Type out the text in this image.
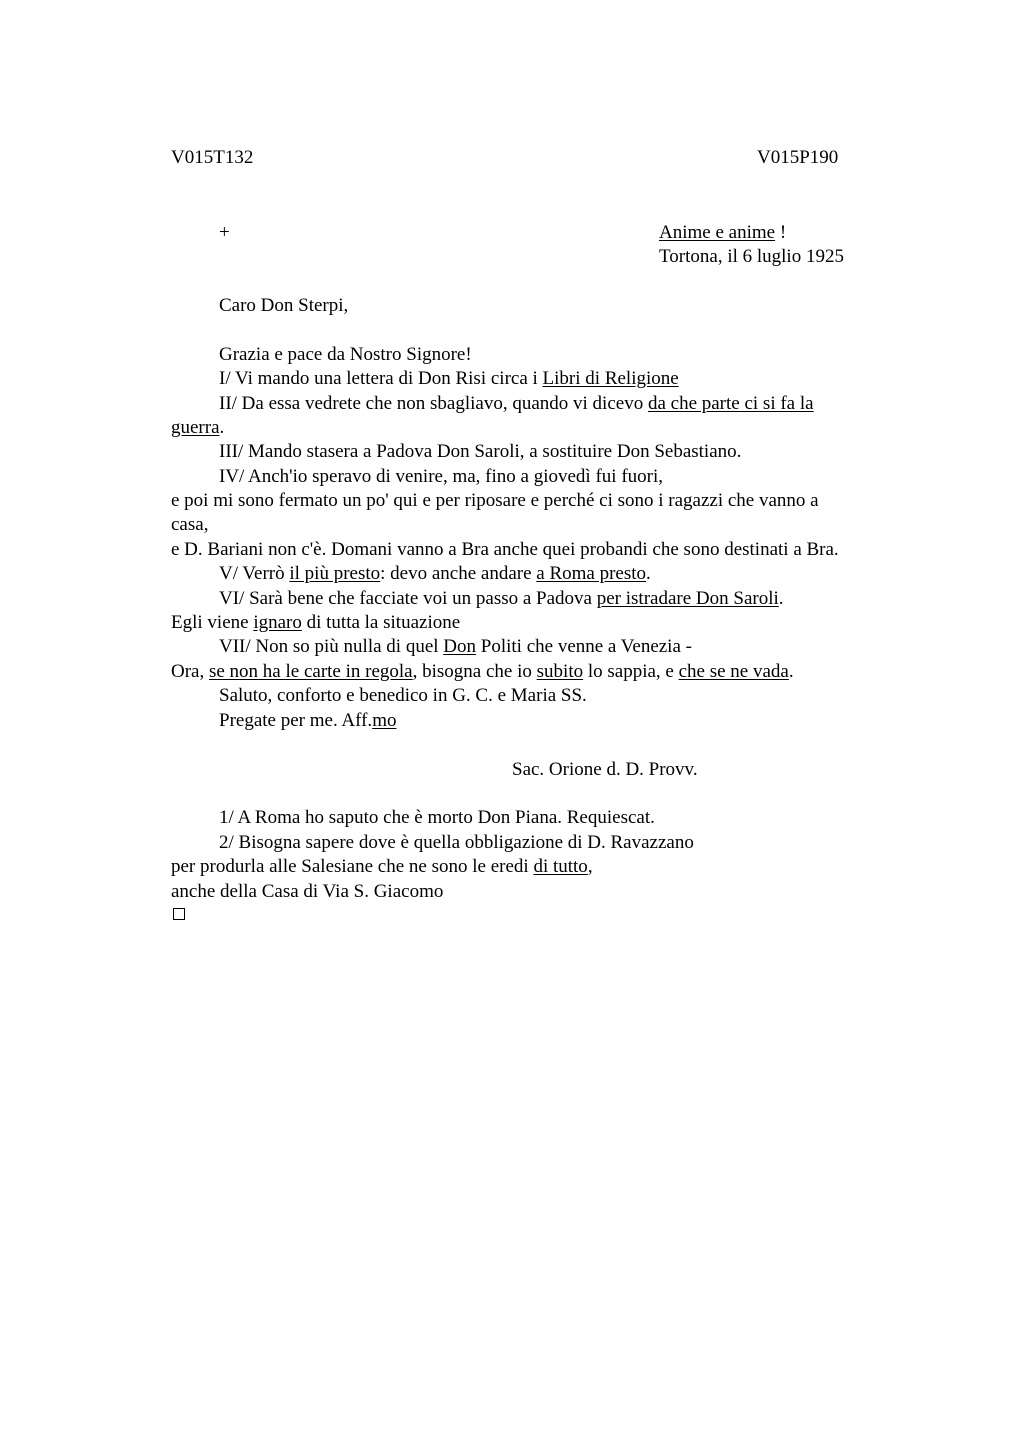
V015T132	V015P190
+	Anime e anime !
Tortona, il 6 luglio 1925
Caro Don Sterpi,
Grazia e pace da Nostro Signore!
I/ Vi mando una lettera di Don Risi circa i Libri di Religione
II/ Da essa vedrete che non sbagliavo, quando vi dicevo da che parte ci si fa la
guerra.
III/ Mando stasera a Padova Don Saroli, a sostituire Don Sebastiano.
IV/ Anch'io speravo di venire, ma, fino a giovedì fui fuori,
e poi mi sono fermato un po' qui e per riposare e perché ci sono i ragazzi che vanno a
casa,
e D. Bariani non c'è. Domani vanno a Bra anche quei probandi che sono destinati a Bra.
V/ Verrò il più presto: devo anche andare a Roma presto.
VI/ Sarà bene che facciate voi un passo a Padova per istradare Don Saroli.
Egli viene ignaro di tutta la situazione
VII/ Non so più nulla di quel Don Politi che venne a Venezia -
Ora, se non ha le carte in regola, bisogna che io subito lo sappia, e che se ne vada.
Saluto, conforto e benedico in G. C. e Maria SS.
Pregate per me. Aff.mo
Sac. Orione d. D. Provv.
1/ A Roma ho saputo che è morto Don Piana. Requiescat.
2/ Bisogna sapere dove è quella obbligazione di D. Ravazzano
per produrla alle Salesiane che ne sono le eredi di tutto,
anche della Casa di Via S. Giacomo
